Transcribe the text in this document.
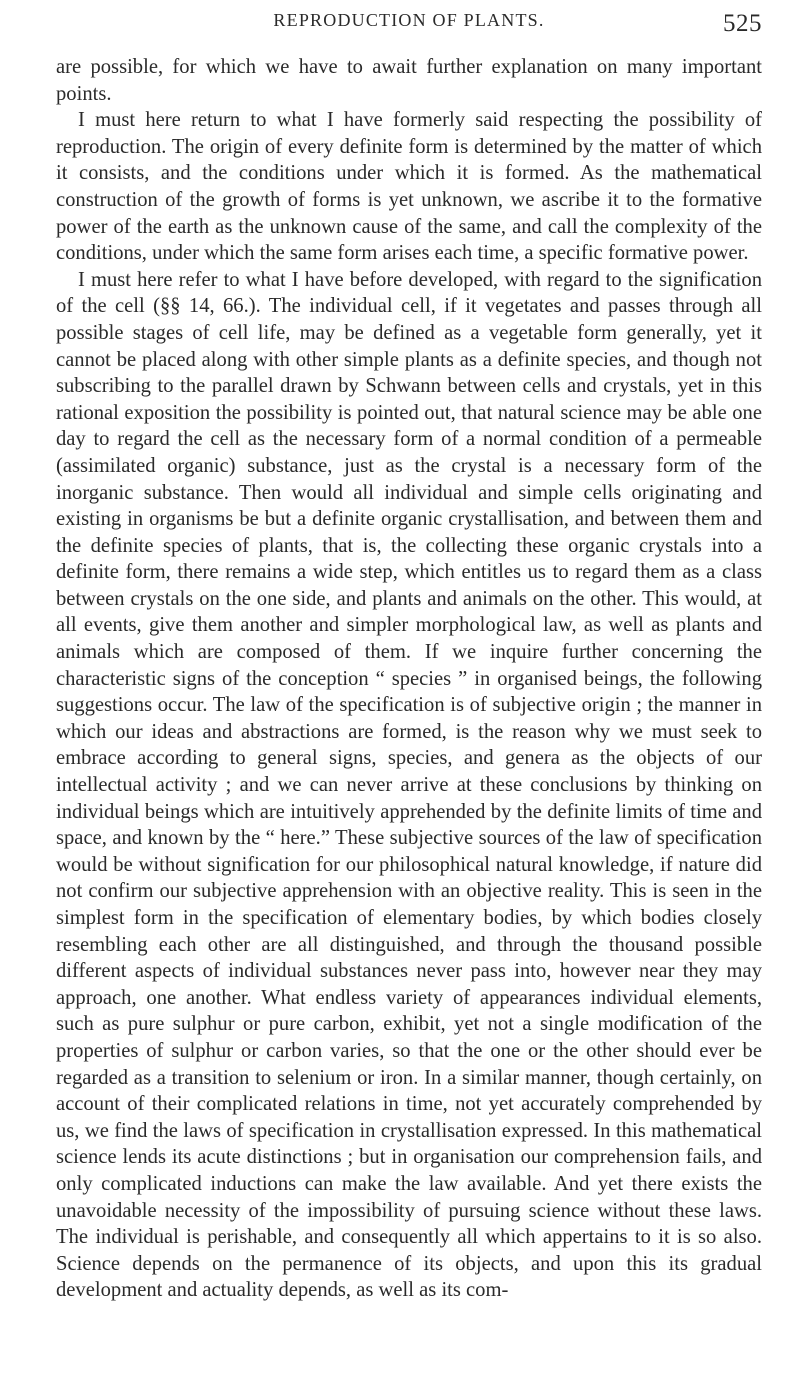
REPRODUCTION OF PLANTS.	525

are possible, for which we have to await further explanation on many important points.

I must here return to what I have formerly said respecting the possibility of reproduction. The origin of every definite form is determined by the matter of which it consists, and the conditions under which it is formed. As the mathematical construction of the growth of forms is yet unknown, we ascribe it to the formative power of the earth as the unknown cause of the same, and call the complexity of the conditions, under which the same form arises each time, a specific formative power.

I must here refer to what I have before developed, with regard to the signification of the cell (§§ 14, 66.). The individual cell, if it vegetates and passes through all possible stages of cell life, may be defined as a vegetable form generally, yet it cannot be placed along with other simple plants as a definite species, and though not subscribing to the parallel drawn by Schwann between cells and crystals, yet in this rational exposition the possibility is pointed out, that natural science may be able one day to regard the cell as the necessary form of a normal condition of a permeable (assimilated organic) substance, just as the crystal is a necessary form of the inorganic substance. Then would all individual and simple cells originating and existing in organisms be but a definite organic crystallisation, and between them and the definite species of plants, that is, the collecting these organic crystals into a definite form, there remains a wide step, which entitles us to regard them as a class between crystals on the one side, and plants and animals on the other. This would, at all events, give them another and simpler morphological law, as well as plants and animals which are composed of them. If we inquire further concerning the characteristic signs of the conception “ species ” in organised beings, the following suggestions occur. The law of the specification is of subjective origin ; the manner in which our ideas and abstractions are formed, is the reason why we must seek to embrace according to general signs, species, and genera as the objects of our intellectual activity ; and we can never arrive at these conclusions by thinking on individual beings which are intuitively apprehended by the definite limits of time and space, and known by the “ here.” These subjective sources of the law of specification would be without signification for our philosophical natural knowledge, if nature did not confirm our subjective apprehension with an objective reality. This is seen in the simplest form in the specification of elementary bodies, by which bodies closely resembling each other are all distinguished, and through the thousand possible different aspects of individual substances never pass into, however near they may approach, one another. What endless variety of appearances individual elements, such as pure sulphur or pure carbon, exhibit, yet not a single modification of the properties of sulphur or carbon varies, so that the one or the other should ever be regarded as a transition to selenium or iron. In a similar manner, though certainly, on account of their complicated relations in time, not yet accurately comprehended by us, we find the laws of specification in crystallisation expressed. In this mathematical science lends its acute distinctions ; but in organisation our comprehension fails, and only complicated inductions can make the law available. And yet there exists the unavoidable necessity of the impossibility of pursuing science without these laws. The individual is perishable, and consequently all which appertains to it is so also. Science depends on the permanence of its objects, and upon this its gradual development and actuality depends, as well as its com-
